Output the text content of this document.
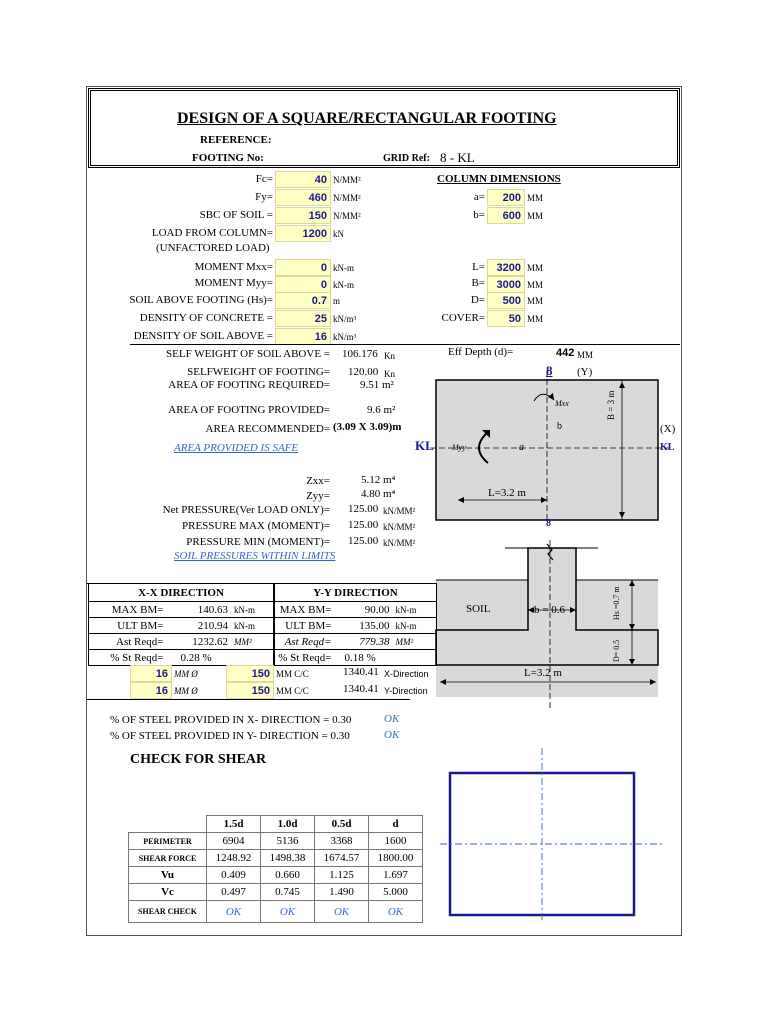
DESIGN OF A SQUARE/RECTANGULAR FOOTING
REFERENCE:
FOOTING No:	GRID Ref: 8 - KL
Fc=	40 N/MM²
Fy=	460 N/MM²
SBC OF SOIL =	150 N/MM²
LOAD FROM COLUMN=	1200 kN
(UNFACTORED LOAD)
MOMENT Mxx=	0 kN-m
MOMENT Myy=	0 kN-m
SOIL ABOVE FOOTING (Hs)=	0.7 m
DENSITY OF CONCRETE =	25 kN/m³
DENSITY OF SOIL ABOVE =	16 kN/m³
COLUMN DIMENSIONS
a=	200 MM
b=	600 MM
L=	3200 MM
B=	3000 MM
D=	500 MM
COVER=	50 MM
SELF WEIGHT OF SOIL ABOVE = 106.176 Kn	Eff Depth (d)=	442 MM
SELFWEIGHT OF FOOTING= 120.00 Kn
AREA OF FOOTING REQUIRED=	9.51 m²
AREA OF FOOTING PROVIDED=	9.6 m²
AREA RECOMMENDED= (3.09 X 3.09)m
AREA PROVIDED IS SAFE
Zxx=	5.12 m⁴
Zyy=	4.80 m⁴
Net PRESSURE(Ver LOAD ONLY)= 125.00 kN/MM²
PRESSURE MAX (MOMENT)= 125.00 kN/MM²
PRESSURE MIN (MOMENT)= 125.00 kN/MM²
SOIL PRESSURES WITHIN LIMITS
8 (Y)
(X)
KL	KL
Mxx
Myy	a
b
B = 3 m
L=3.2 m
8
SOIL	b = 0.6	Hs =0.7 m
D= 0.5
L=3.2 m
X-X DIRECTION		
MAX BM=	140.63	kN-m
ULT BM=	210.94	kN-m
Ast Reqd=	1232.62	MM²
% St Reqd=	0.28 %	
Y-Y DIRECTION		
MAX BM=	90.00	kN-m
ULT BM=	135.00	kN-m
Ast Reqd=	779.38	MM²
% St Reqd=	0.18 %	
16 MM Ø	150 MM C/C	1340.41 X-Direction
16 MM Ø	150 MM C/C	1340.41 Y-Direction
% OF STEEL PROVIDED IN X- DIRECTION = 0.30	OK
% OF STEEL PROVIDED IN Y- DIRECTION = 0.30	OK
CHECK FOR SHEAR
	1.5d	1.0d	0.5d	d
PERIMETER	6904	5136	3368	1600
SHEAR FORCE	1248.92	1498.38	1674.57	1800.00
Vu	0.409	0.660	1.125	1.697
Vc	0.497	0.745	1.490	5.000
SHEAR CHECK	OK	OK	OK	OK
